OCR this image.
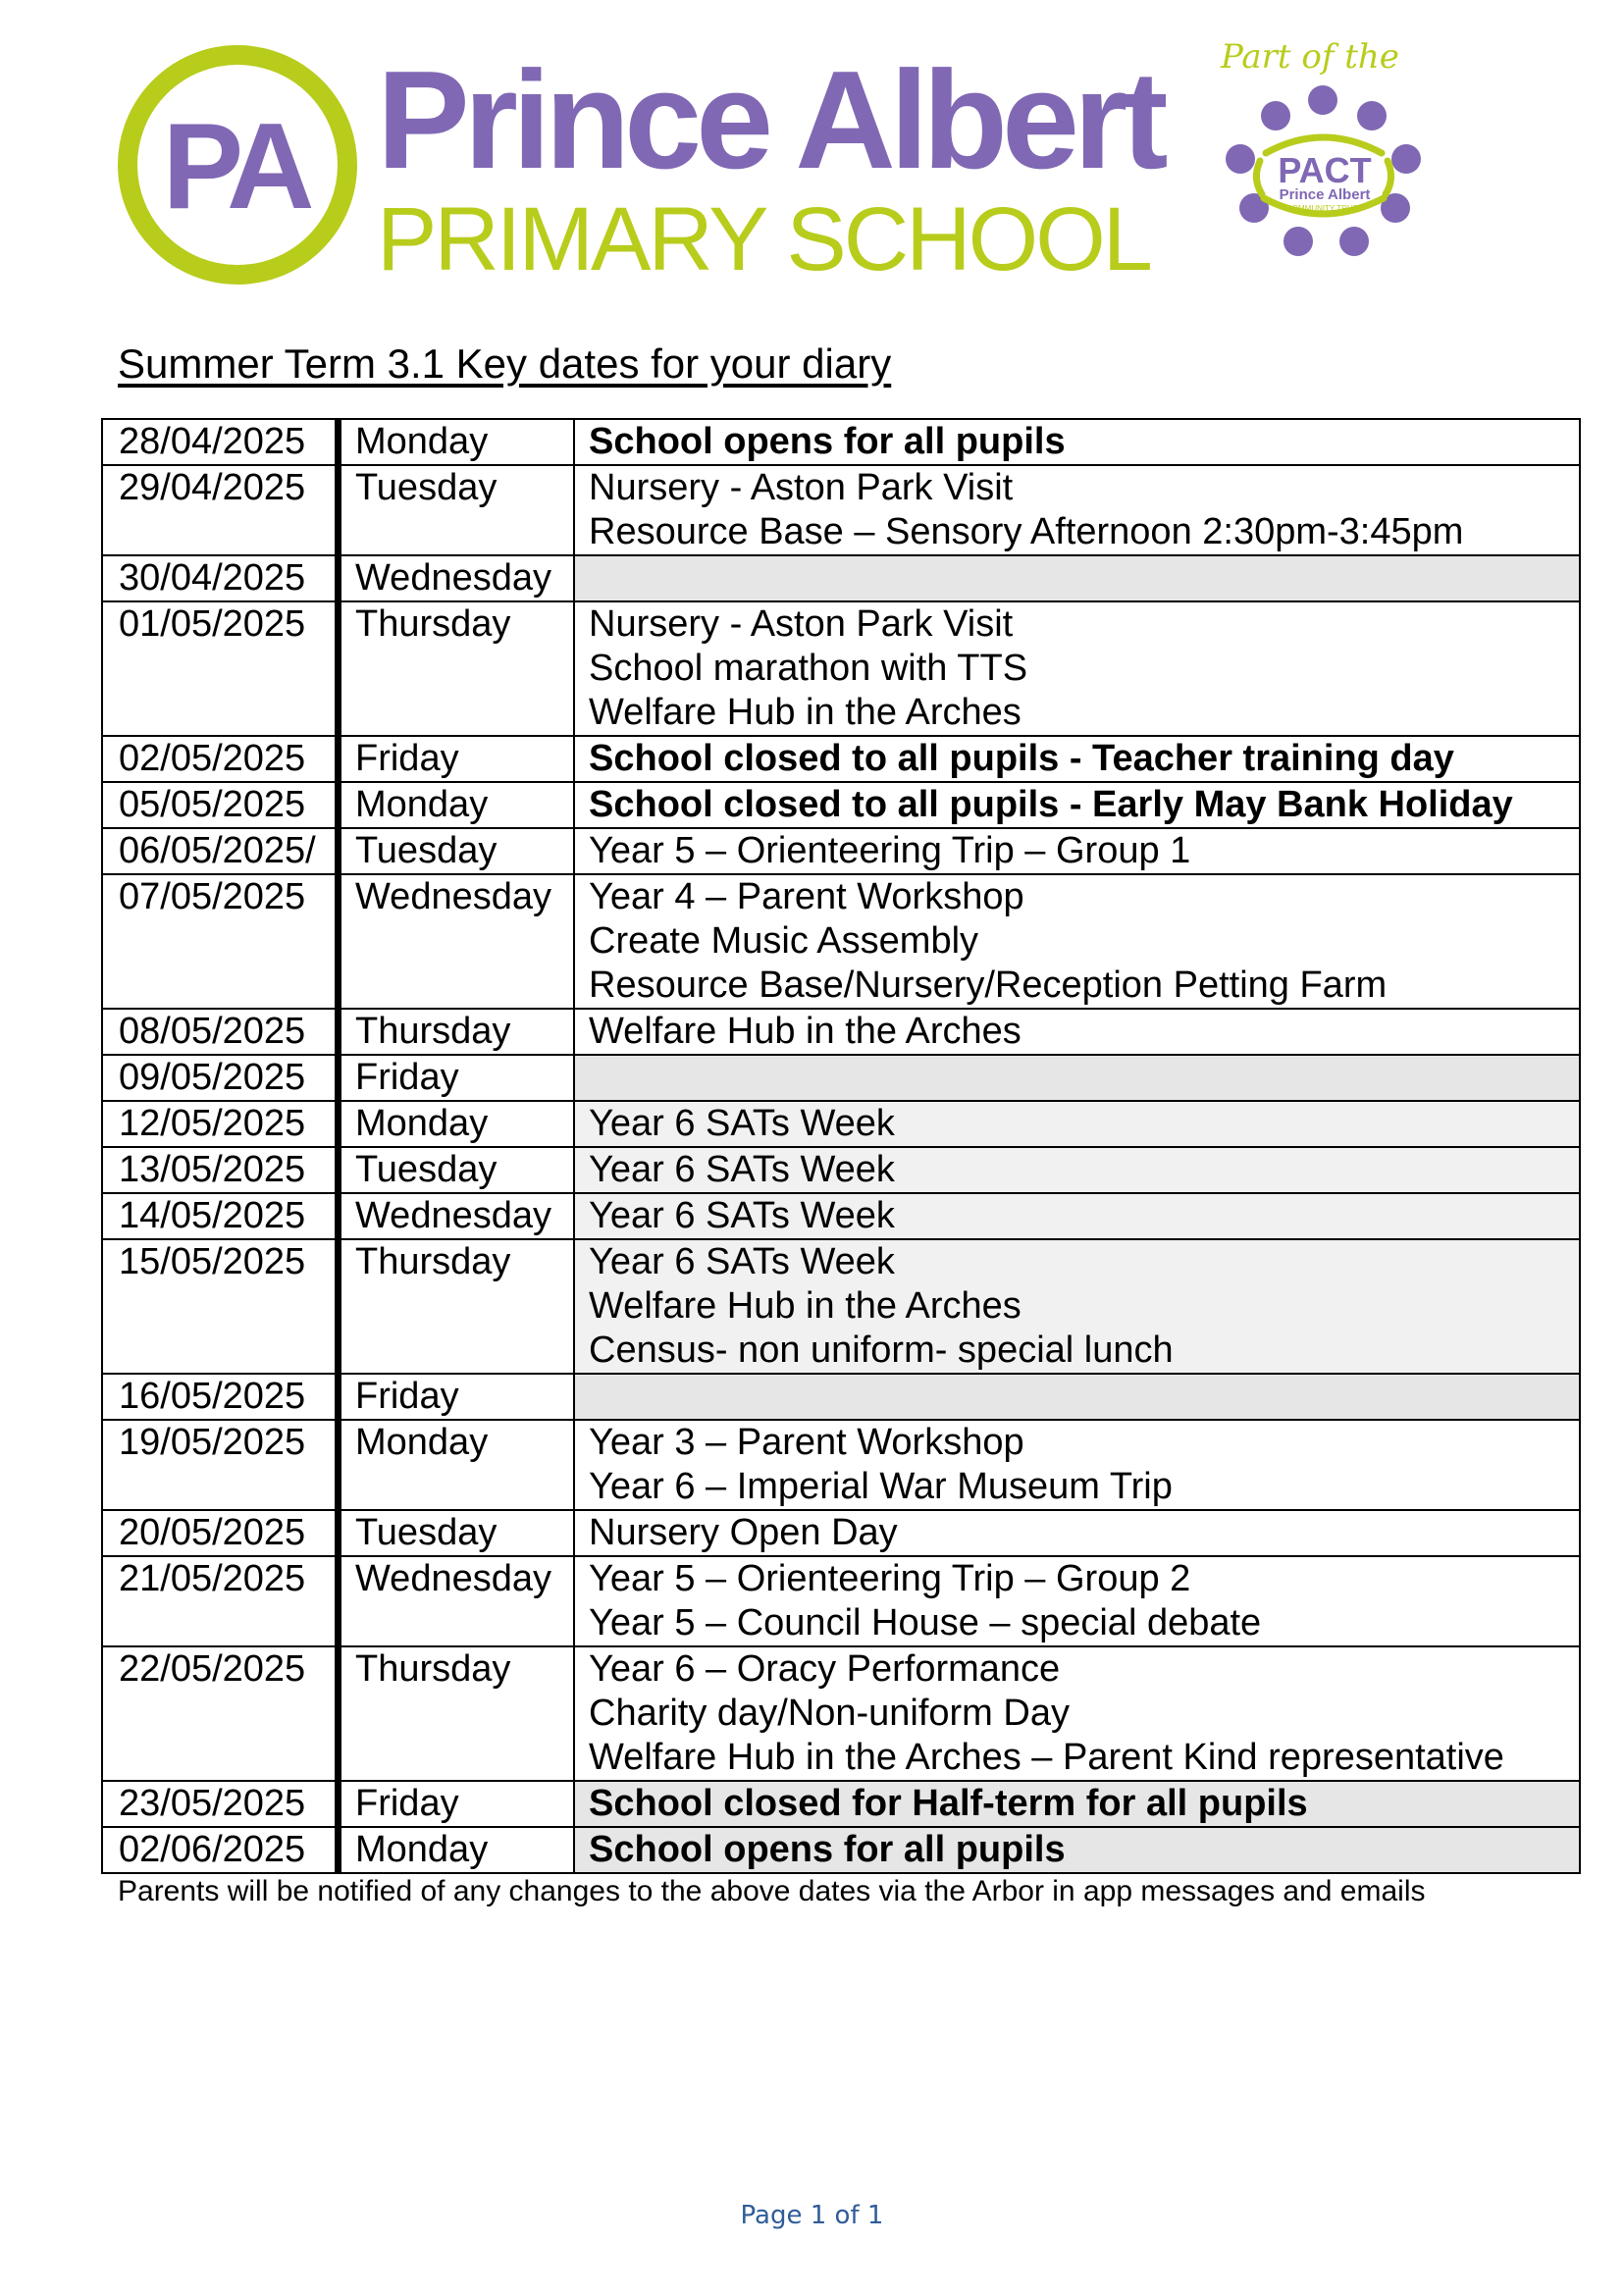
PA Prince Albert
PRIMARY SCHOOL
Part of the
PACT
Prince Albert
COMMUNITY TRUST
Summer Term 3.1 Key dates for your diary
28/04/2025	Monday	School opens for all pupils

29/04/2025	Tuesday	Nursery - Aston Park Visit
Resource Base – Sensory Afternoon 2:30pm-3:45pm

30/04/2025	Wednesday	
01/05/2025	Thursday	Nursery - Aston Park Visit
School marathon with TTS
Welfare Hub in the Arches

02/05/2025	Friday	School closed to all pupils - Teacher training day

05/05/2025	Monday	School closed to all pupils - Early May Bank Holiday

06/05/2025/	Tuesday	Year 5 – Orienteering Trip – Group 1

07/05/2025	Wednesday	Year 4 – Parent Workshop
Create Music Assembly
Resource Base/Nursery/Reception Petting Farm

08/05/2025	Thursday	Welfare Hub in the Arches

09/05/2025	Friday	
12/05/2025	Monday	Year 6 SATs Week

13/05/2025	Tuesday	Year 6 SATs Week

14/05/2025	Wednesday	Year 6 SATs Week

15/05/2025	Thursday	Year 6 SATs Week
Welfare Hub in the Arches
Census- non uniform- special lunch

16/05/2025	Friday	
19/05/2025	Monday	Year 3 – Parent Workshop
Year 6 – Imperial War Museum Trip

20/05/2025	Tuesday	Nursery Open Day

21/05/2025	Wednesday	Year 5 – Orienteering Trip – Group 2
Year 5 – Council House – special debate

22/05/2025	Thursday	Year 6 – Oracy Performance
Charity day/Non-uniform Day
Welfare Hub in the Arches – Parent Kind representative

23/05/2025	Friday	School closed for Half-term for all pupils

02/06/2025	Monday	School opens for all pupils
Parents will be notified of any changes to the above dates via the Arbor in app messages and emails
Page 1 of 1
